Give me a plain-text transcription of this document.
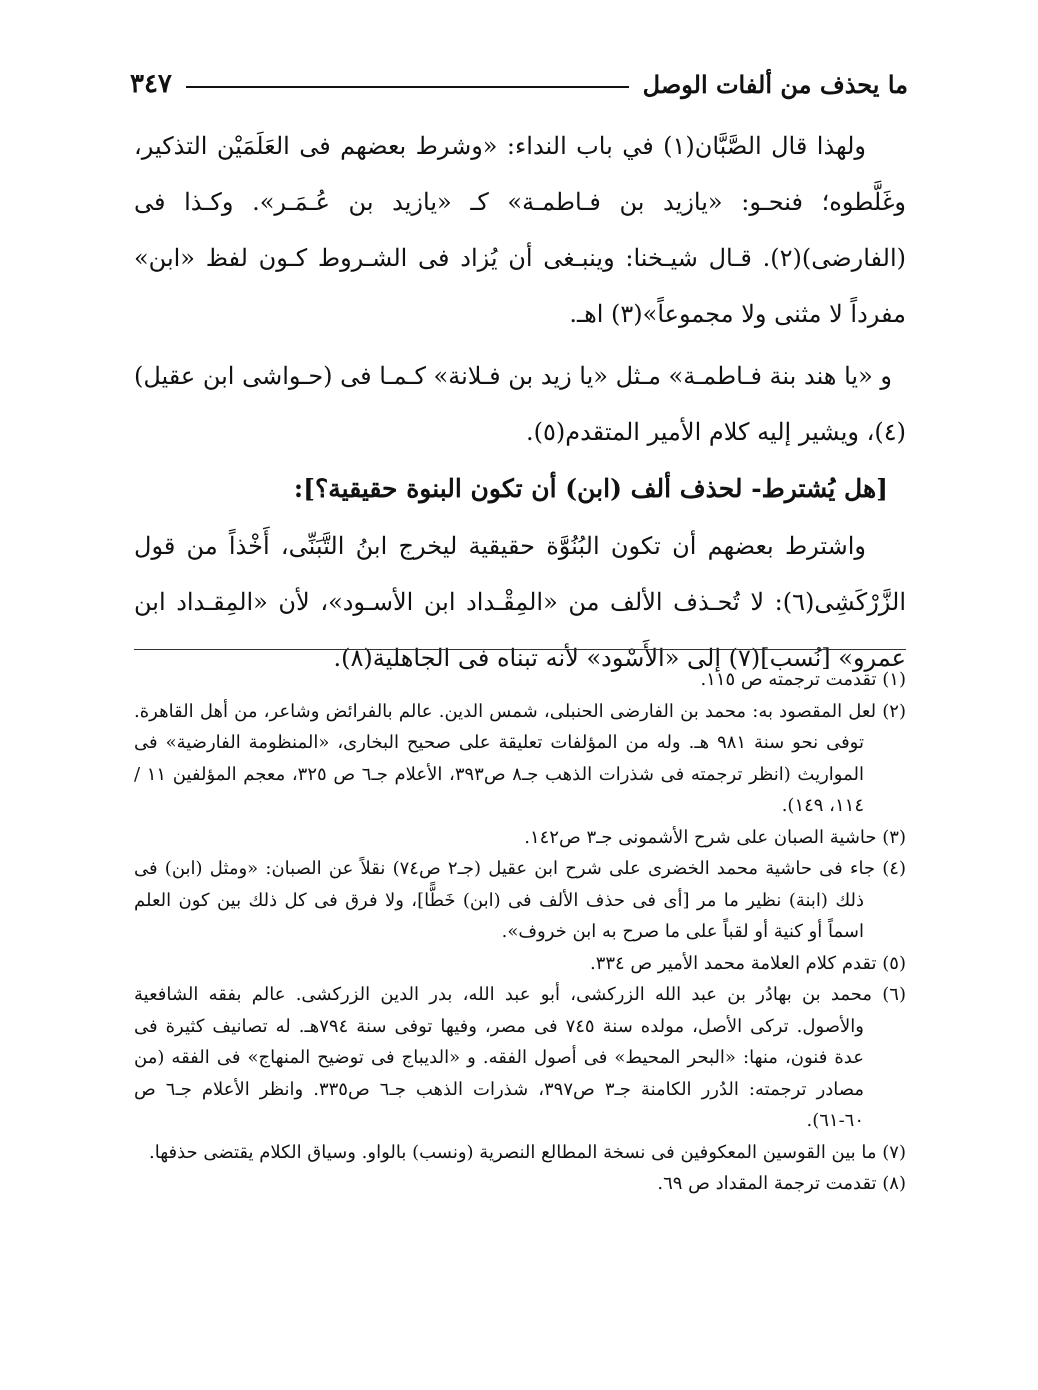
ما يحذف من ألفات الوصل
٣٤٧

ولهذا قال الصَّبَّان(١) في باب النداء: «وشرط بعضهم فى العَلَمَيْن التذكير، وغَلَّطوه؛ فنحـو: «يازيد بن فـاطمـة» كـ «يازيد بن عُـمَـر». وكـذا فى (الفارضى)(٢). قـال شيـخنا: وينبـغى أن يُزاد فى الشـروط كـون لفظ «ابن» مفرداً لا مثنى ولا مجموعاً»(٣) اهـ.

و «يا هند بنة فـاطمـة» مـثل «يا زيد بن فـلانة» كـمـا فى (حـواشى ابن عقيل)(٤)، ويشير إليه كلام الأمير المتقدم(٥).

[هل يُشترط- لحذف ألف (ابن) أن تكون البنوة حقيقية؟]:

واشترط بعضهم أن تكون البُنُوَّة حقيقية ليخرج ابنُ التَّبَنِّى، أَخْذاً من قول الزَّرْكَشِى(٦): لا تُحـذف الألف من «المِقْـداد ابن الأسـود»، لأن «المِقـداد ابن عمرو» [نُسب](٧) إلى «الأَسْود» لأنه تبناه فى الجاهلية(٨).

(١) تقدمت ترجمته ص ١١٥.

(٢) لعل المقصود به: محمد بن الفارضى الحنبلى، شمس الدين. عالم بالفرائض وشاعر، من أهل القاهرة. توفى نحو سنة ٩٨١ هـ. وله من المؤلفات تعليقة على صحيح البخارى، «المنظومة الفارضية» فى المواريث (انظر ترجمته فى شذرات الذهب جـ٨ ص٣٩٣، الأعلام جـ٦ ص ٣٢٥، معجم المؤلفين ١١ / ١١٤، ١٤٩).

(٣) حاشية الصبان على شرح الأشمونى جـ٣ ص١٤٢.

(٤) جاء فى حاشية محمد الخضرى على شرح ابن عقيل (جـ٢ ص٧٤) نقلاً عن الصبان: «ومثل (ابن) فى ذلك (ابنة) نظير ما مر [أى فى حذف الألف فى (ابن) خَطًّا]، ولا فرق فى كل ذلك بين كون العلم اسماً أو كنية أو لقباً على ما صرح به ابن خروف».

(٥) تقدم كلام العلامة محمد الأمير ص ٣٣٤.

(٦) محمد بن بهادُر بن عبد الله الزركشى، أبو عبد الله، بدر الدين الزركشى. عالم بفقه الشافعية والأصول. تركى الأصل، مولده سنة ٧٤٥ فى مصر، وفيها توفى سنة ٧٩٤هـ. له تصانيف كثيرة فى عدة فنون، منها: «البحر المحيط» فى أصول الفقه. و «الديباج فى توضيح المنهاج» فى الفقه (من مصادر ترجمته: الدُرر الكامنة جـ٣ ص٣٩٧، شذرات الذهب جـ٦ ص٣٣٥. وانظر الأعلام جـ٦ ص ٦٠-٦١).

(٧) ما بين القوسين المعكوفين فى نسخة المطالع النصرية (ونسب) بالواو. وسياق الكلام يقتضى حذفها.

(٨) تقدمت ترجمة المقداد ص ٦٩.
